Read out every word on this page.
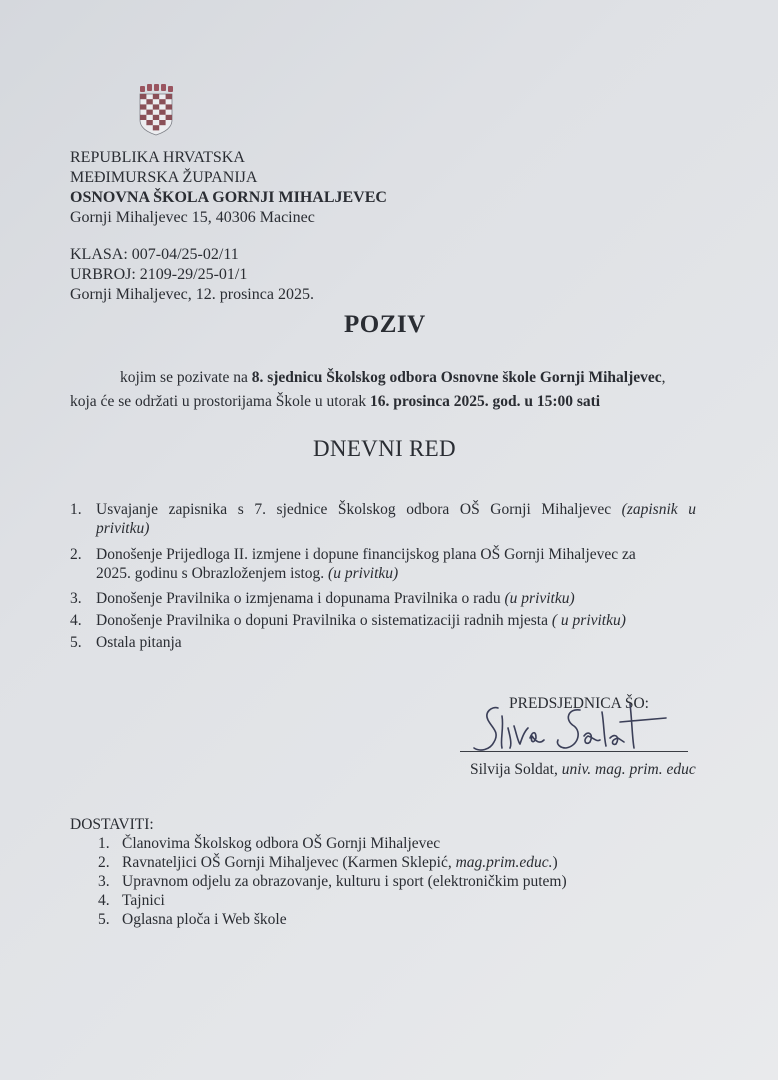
REPUBLIKA HRVATSKA
MEĐIMURSKA ŽUPANIJA
OSNOVNA ŠKOLA GORNJI MIHALJEVEC
Gornji Mihaljevec 15, 40306 Macinec
KLASA: 007-04/25-02/11
URBROJ: 2109-29/25-01/1
Gornji Mihaljevec, 12. prosinca 2025.
POZIV
kojim se pozivate na 8. sjednicu Školskog odbora Osnovne škole Gornji Mihaljevec,
koja će se održati u prostorijama Škole u utorak 16. prosinca 2025. god. u 15:00 sati
DNEVNI RED
1. Usvajanje zapisnika s 7. sjednice Školskog odbora OŠ Gornji Mihaljevec (zapisnik u
privitku)
2. Donošenje Prijedloga II. izmjene i dopune financijskog plana OŠ Gornji Mihaljevec za
2025. godinu s Obrazloženjem istog. (u privitku)
3. Donošenje Pravilnika o izmjenama i dopunama Pravilnika o radu (u privitku)
4. Donošenje Pravilnika o dopuni Pravilnika o sistematizaciji radnih mjesta ( u privitku)
5. Ostala pitanja
PREDSJEDNICA ŠO:
Silvija Soldat, univ. mag. prim. educ
DOSTAVITI:
1. Članovima Školskog odbora OŠ Gornji Mihaljevec
2. Ravnateljici OŠ Gornji Mihaljevec (Karmen Sklepić, mag.prim.educ.)
3. Upravnom odjelu za obrazovanje, kulturu i sport (elektroničkim putem)
4. Tajnici
5. Oglasna ploča i Web škole
